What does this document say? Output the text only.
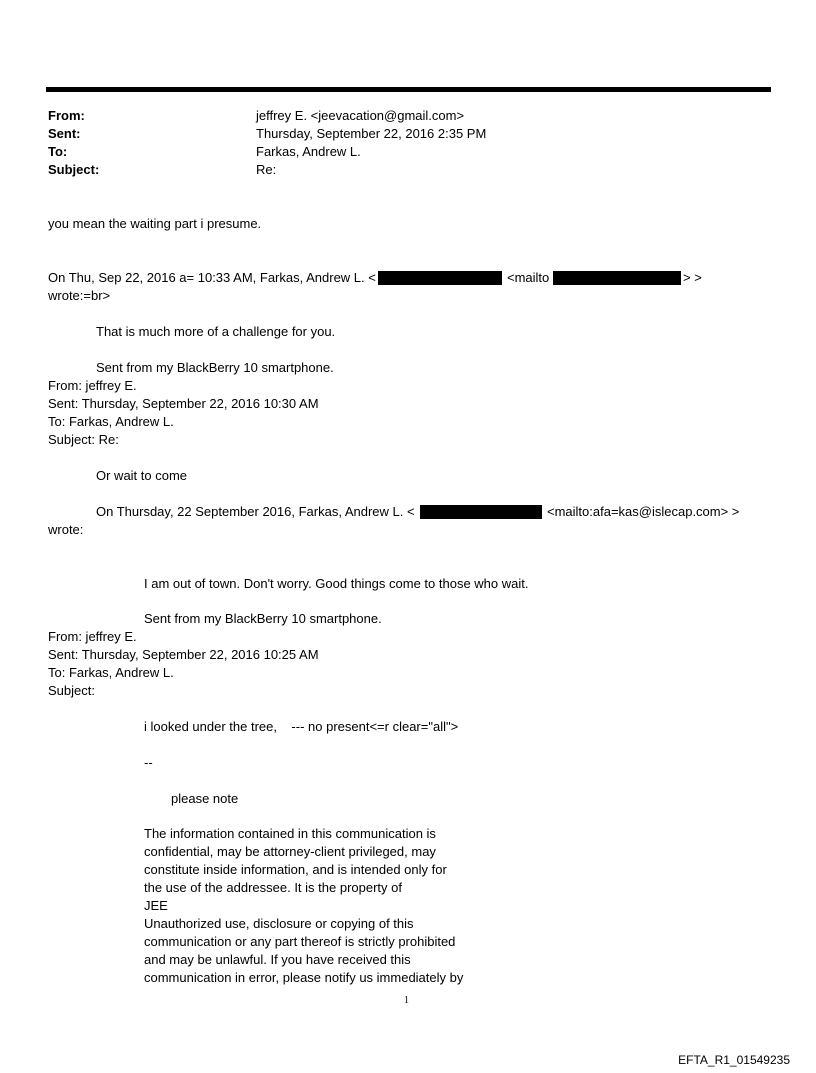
From:	jeffrey E. <jeevacation@gmail.com>
Sent:	Thursday, September 22, 2016 2:35 PM
To:	Farkas, Andrew L.
Subject:	Re:
you mean the waiting part i presume.
On Thu, Sep 22, 2016 a= 10:33 AM, Farkas, Andrew L. <	<mailto	> >
wrote:=br>
That is much more of a challenge for you.
Sent from my BlackBerry 10 smartphone.
From: jeffrey E.
Sent: Thursday, September 22, 2016 10:30 AM
To: Farkas, Andrew L.
Subject: Re:
Or wait to come
On Thursday, 22 September 2016, Farkas, Andrew L. <	<mailto:afa=kas@islecap.com> >
wrote:
I am out of town. Don't worry. Good things come to those who wait.
Sent from my BlackBerry 10 smartphone.
From: jeffrey E.
Sent: Thursday, September 22, 2016 10:25 AM
To: Farkas, Andrew L.
Subject:
i looked under the tree,    --- no present<=r clear="all">
--
please note
The information contained in this communication is
confidential, may be attorney-client privileged, may
constitute inside information, and is intended only for
the use of the addressee. It is the property of
JEE
Unauthorized use, disclosure or copying of this
communication or any part thereof is strictly prohibited
and may be unlawful. If you have received this
communication in error, please notify us immediately by
1
EFTA_R1_01549235
